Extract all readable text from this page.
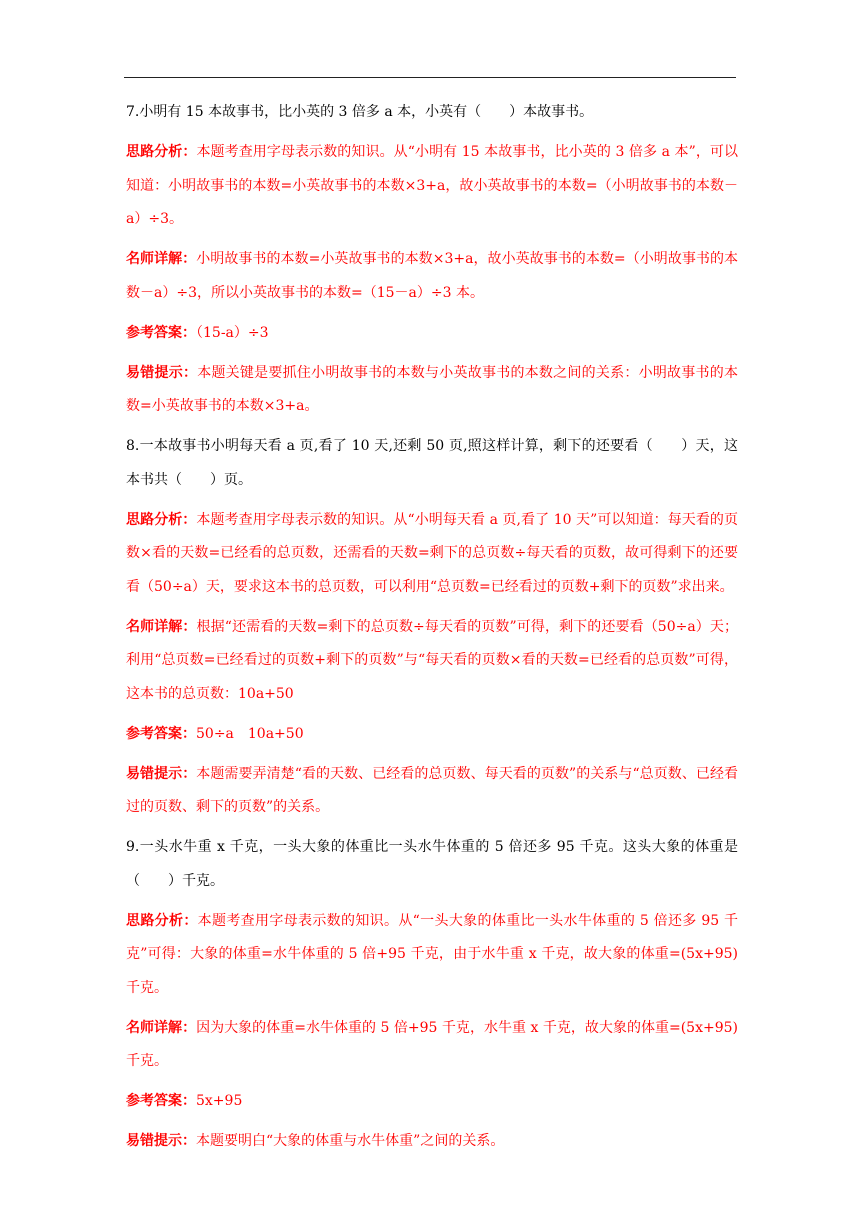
7.小明有 15 本故事书，比小英的 3 倍多 a 本，小英有（　　）本故事书。

思路分析：本题考查用字母表示数的知识。从“小明有 15 本故事书，比小英的 3 倍多 a 本”，可以知道：小明故事书的本数=小英故事书的本数×3+a，故小英故事书的本数=（小明故事书的本数－a）÷3。

名师详解：小明故事书的本数=小英故事书的本数×3+a，故小英故事书的本数=（小明故事书的本数－a）÷3，所以小英故事书的本数=（15－a）÷3 本。

参考答案：（15-a）÷3

易错提示：本题关键是要抓住小明故事书的本数与小英故事书的本数之间的关系：小明故事书的本数=小英故事书的本数×3+a。

8.一本故事书小明每天看 a 页,看了 10 天,还剩 50 页,照这样计算，剩下的还要看（　　）天，这本书共（　　）页。

思路分析：本题考查用字母表示数的知识。从“小明每天看 a 页,看了 10 天”可以知道：每天看的页数×看的天数=已经看的总页数，还需看的天数=剩下的总页数÷每天看的页数，故可得剩下的还要看（50÷a）天，要求这本书的总页数，可以利用“总页数=已经看过的页数+剩下的页数”求出来。

名师详解：根据“还需看的天数=剩下的总页数÷每天看的页数”可得，剩下的还要看（50÷a）天；利用“总页数=已经看过的页数+剩下的页数”与“每天看的页数×看的天数=已经看的总页数”可得，这本书的总页数：10a+50

参考答案：50÷a　10a+50

易错提示：本题需要弄清楚“看的天数、已经看的总页数、每天看的页数”的关系与“总页数、已经看过的页数、剩下的页数”的关系。

9.一头水牛重 x 千克，一头大象的体重比一头水牛体重的 5 倍还多 95 千克。这头大象的体重是（　　）千克。

思路分析：本题考查用字母表示数的知识。从“一头大象的体重比一头水牛体重的 5 倍还多 95 千克”可得：大象的体重=水牛体重的 5 倍+95 千克，由于水牛重 x 千克，故大象的体重=(5x+95)千克。

名师详解：因为大象的体重=水牛体重的 5 倍+95 千克，水牛重 x 千克，故大象的体重=(5x+95)千克。

参考答案：5x+95

易错提示：本题要明白“大象的体重与水牛体重”之间的关系。
